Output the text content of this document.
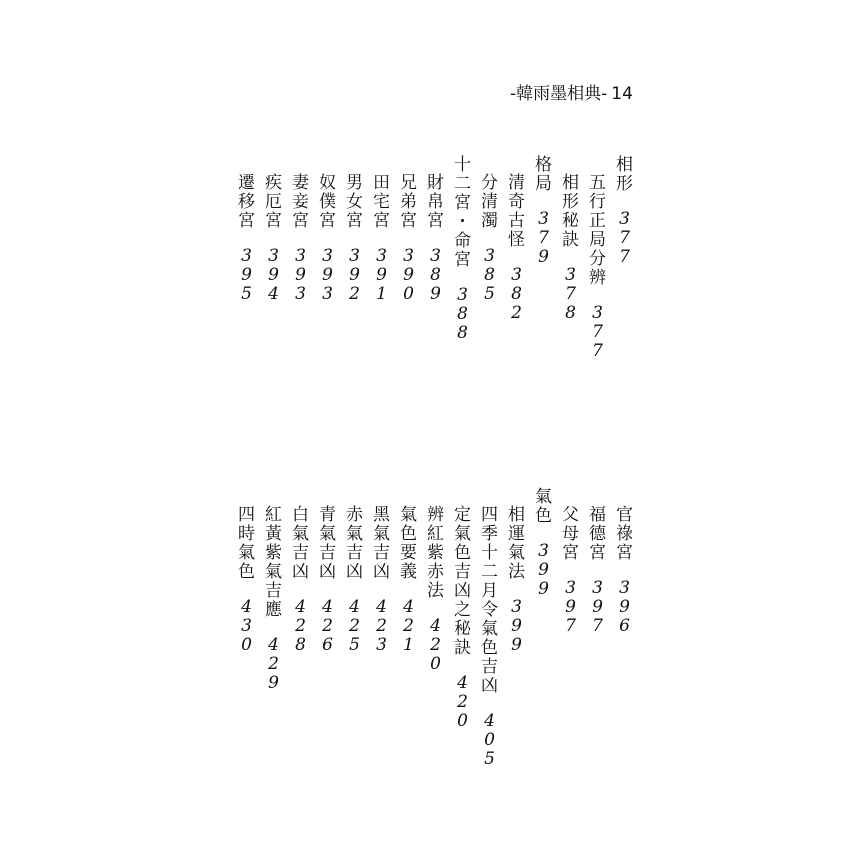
-韓雨墨相典- 14
相
形
3
7
7
五
行
正
局
分
辨
3
7
7
相
形
秘
訣
3
7
8
格
局
3
7
9
清
奇
古
怪
3
8
2
分
清
濁
3
8
5
十
二
宮
・
命
宮
3
8
8
財
帛
宮
3
8
9
兄
弟
宮
3
9
0
田
宅
宮
3
9
1
男
女
宮
3
9
2
奴
僕
宮
3
9
3
妻
妾
宮
3
9
3
疾
厄
宮
3
9
4
遷
移
宮
3
9
5
官
祿
宮
3
9
6
福
德
宮
3
9
7
父
母
宮
3
9
7
氣
色
3
9
9
相
運
氣
法
3
9
9
四
季
十
二
月
令
氣
色
吉
凶
4
0
5
定
氣
色
吉
凶
之
秘
訣
4
2
0
辨
紅
紫
赤
法
4
2
0
氣
色
要
義
4
2
1
黑
氣
吉
凶
4
2
3
赤
氣
吉
凶
4
2
5
青
氣
吉
凶
4
2
6
白
氣
吉
凶
4
2
8
紅
黃
紫
氣
吉
應
4
2
9
四
時
氣
色
4
3
0
